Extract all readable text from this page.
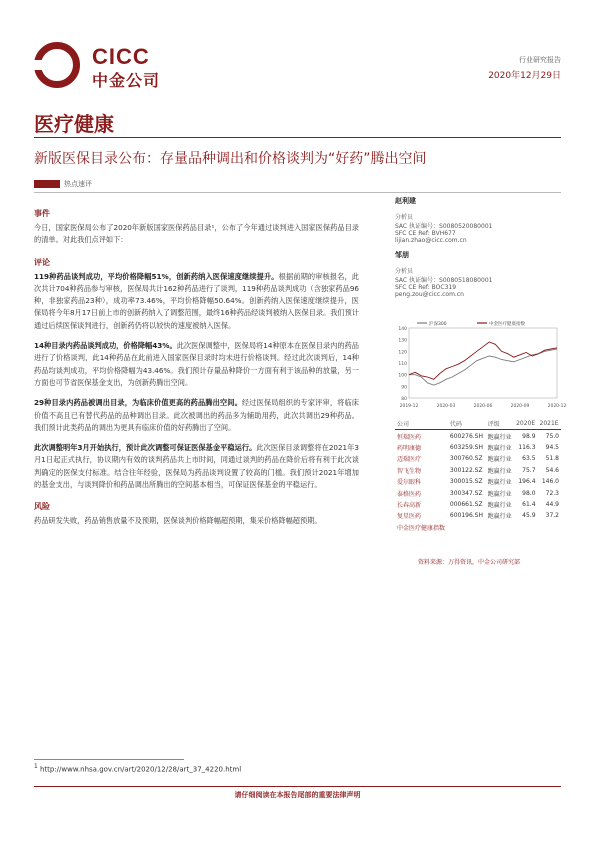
CICC
中金公司
行业研究报告
2020年12月29日
医疗健康
新版医保目录公布：存量品种调出和价格谈判为“好药”腾出空间
热点速评
事件
今日，国家医保局公布了2020年新版国家医保药品目录¹，公布了今年通过谈判进入国家医保药品目录的清单。对此我们点评如下：
评论
119种药品谈判成功，平均价格降幅51%，创新药纳入医保速度继续提升。根据前期的审核报名，此次共计704种药品参与审核，医保局共计162种药品进行了谈判，119种药品谈判成功（含独家药品96种，非独家药品23种），成功率73.46%，平均价格降幅50.64%。创新药纳入医保速度继续提升，医保局将今年8月17日前上市的创新药纳入了调整范围，最终16种药品经谈判被纳入医保目录。我们预计通过后续医保谈判进行，创新药仍将以较快的速度被纳入医保。
14种目录内药品谈判成功，价格降幅43%。此次医保调整中，医保局将14种原本在医保目录内的药品进行了价格谈判，此14种药品在此前进入国家医保目录时均未进行价格谈判。经过此次谈判后，14种药品均谈判成功，平均价格降幅为43.46%。我们预计存量品种降价一方面有利于该品种的放量，另一方面也可节省医保基金支出，为创新药腾出空间。
29种目录内药品被调出目录，为临床价值更高的药品腾出空间。经过医保局组织的专家评审，将临床价值不高且已有替代药品的品种调出目录。此次被调出的药品多为辅助用药，此次共调出29种药品。我们预计此类药品的调出为更具有临床价值的好药腾出了空间。
此次调整明年3月开始执行，预计此次调整可保证医保基金平稳运行。此次医保目录调整将在2021年3月1日起正式执行，协议期内有效的谈判药品共上市时间，同通过谈判的药品在降价后将有利于此次谈判确定的医保支付标准。结合往年经验，医保局为药品谈判设置了较高的门槛。我们预计2021年增加的基金支出，与谈判降价和药品调出所腾出的空间基本相当，可保证医保基金的平稳运行。
风险
药品研发失败，药品销售放量不及预期，医保谈判价格降幅超预期，集采价格降幅超预期。
赵利建
分析员
SAC 执证编号：S0080520080001
SFC CE Ref: BVH677
lijian.zhao@cicc.com.cn
邹朋
分析员
SAC 执证编号：S0080518080001
SFC CE Ref: BOC319
peng.zou@cicc.com.cn
80
90
100
110
120
130
140
2019-12	2020-03	2020-06	2020-09	2020-12
沪深300	中金医疗健康指数
公司	代码	评级	2020E	2021E
恒瑞医药	600276.SH	跑赢行业	98.9	75.0
药明康德	603259.SH	跑赢行业	116.3	94.5
迈瑞医疗	300760.SZ	跑赢行业	63.5	51.8
智飞生物	300122.SZ	跑赢行业	75.7	54.6
爱尔眼科	300015.SZ	跑赢行业	196.4	146.0
泰格医药	300347.SZ	跑赢行业	98.0	72.3
长春高新	000661.SZ	跑赢行业	61.4	44.9
复星医药	600196.SH	跑赢行业	45.9	37.2
中金医疗健康指数				
资料来源：万得资讯，中金公司研究部
$^1$ http://www.nhsa.gov.cn/art/2020/12/28/art_37_4220.html
请仔细阅读在本报告尾部的重要法律声明
